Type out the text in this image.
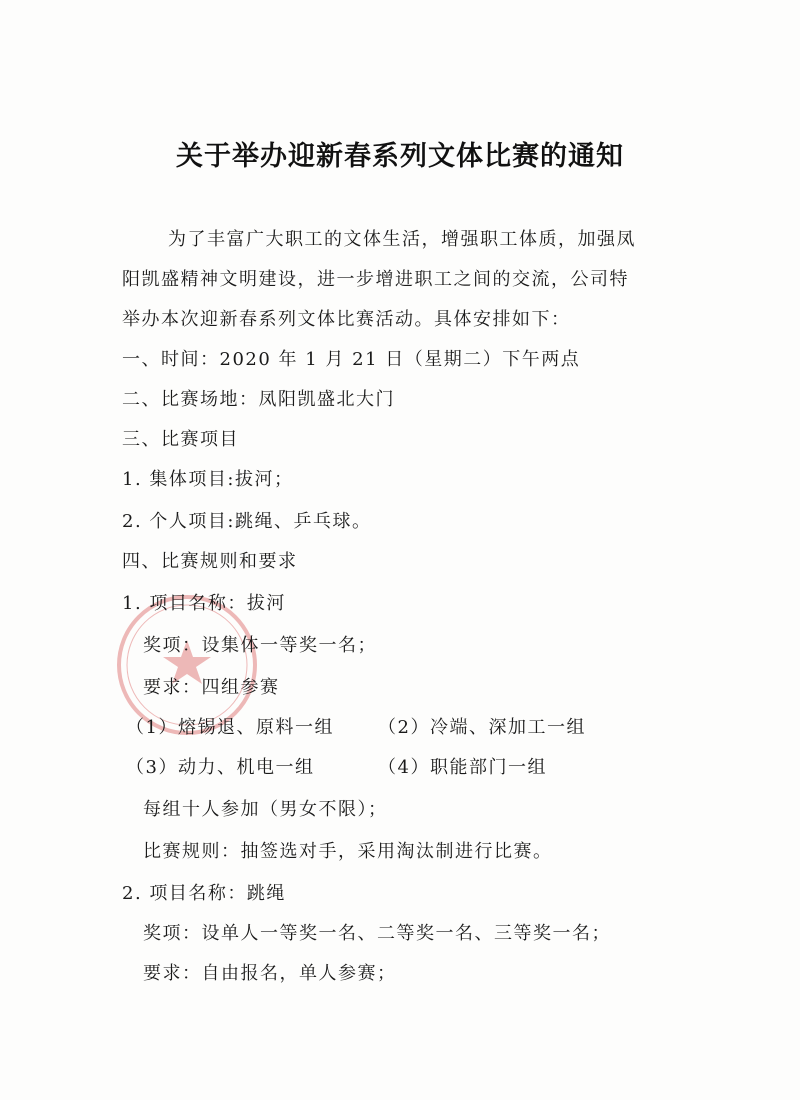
关于举办迎新春系列文体比赛的通知
为了丰富广大职工的文体生活，增强职工体质，加强凤
阳凯盛精神文明建设，进一步增进职工之间的交流，公司特
举办本次迎新春系列文体比赛活动。具体安排如下：
一、时间：2020 年 1 月 21 日（星期二）下午两点
二、比赛场地：凤阳凯盛北大门
三、比赛项目
1. 集体项目:拔河；
2. 个人项目:跳绳、乒乓球。
四、比赛规则和要求
1. 项目名称：拔河
奖项：设集体一等奖一名；
要求：四组参赛
（1）熔锡退、原料一组 （2）冷端、深加工一组
（3）动力、机电一组	（4）职能部门一组
每组十人参加（男女不限）；
比赛规则：抽签选对手，采用淘汰制进行比赛。
2. 项目名称：跳绳
奖项：设单人一等奖一名、二等奖一名、三等奖一名；
要求：自由报名，单人参赛；
